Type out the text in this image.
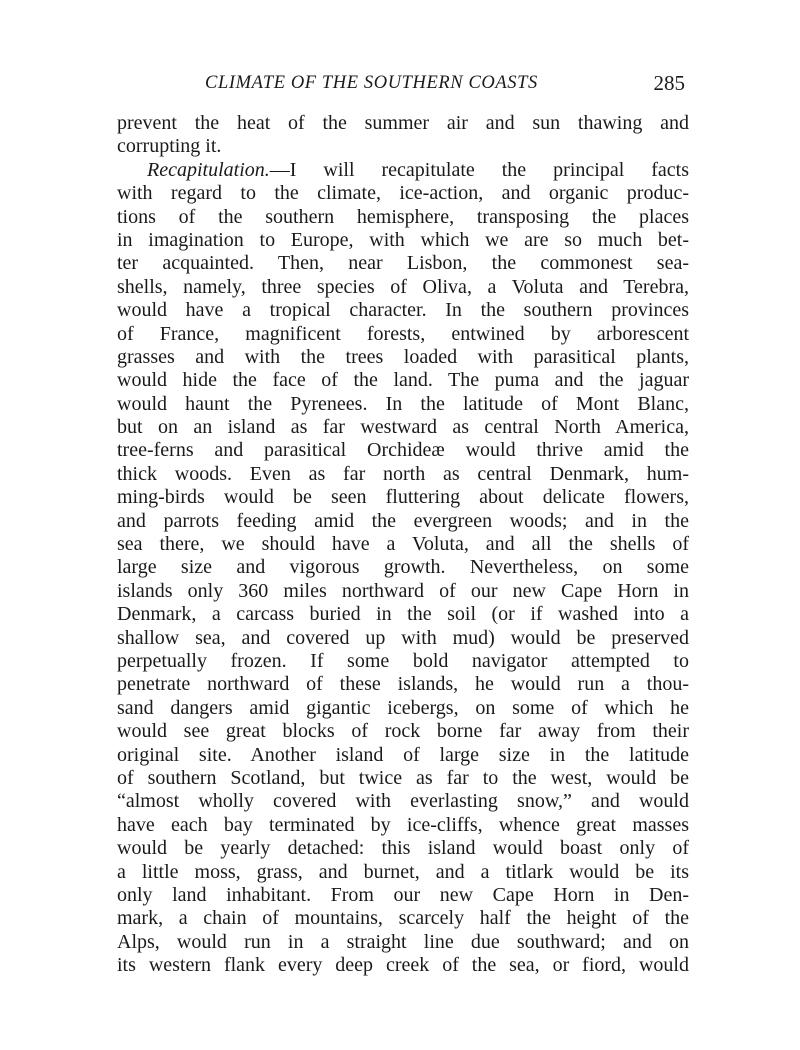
CLIMATE OF THE SOUTHERN COASTS	285
prevent the heat of the summer air and sun thawing and
corrupting it.
Recapitulation.—I will recapitulate the principal facts
with regard to the climate, ice-action, and organic produc-
tions of the southern hemisphere, transposing the places
in imagination to Europe, with which we are so much bet-
ter acquainted. Then, near Lisbon, the commonest sea-
shells, namely, three species of Oliva, a Voluta and Terebra,
would have a tropical character. In the southern provinces
of France, magnificent forests, entwined by arborescent
grasses and with the trees loaded with parasitical plants,
would hide the face of the land. The puma and the jaguar
would haunt the Pyrenees. In the latitude of Mont Blanc,
but on an island as far westward as central North America,
tree-ferns and parasitical Orchideæ would thrive amid the
thick woods. Even as far north as central Denmark, hum-
ming-birds would be seen fluttering about delicate flowers,
and parrots feeding amid the evergreen woods; and in the
sea there, we should have a Voluta, and all the shells of
large size and vigorous growth. Nevertheless, on some
islands only 360 miles northward of our new Cape Horn in
Denmark, a carcass buried in the soil (or if washed into a
shallow sea, and covered up with mud) would be preserved
perpetually frozen. If some bold navigator attempted to
penetrate northward of these islands, he would run a thou-
sand dangers amid gigantic icebergs, on some of which he
would see great blocks of rock borne far away from their
original site. Another island of large size in the latitude
of southern Scotland, but twice as far to the west, would be
“almost wholly covered with everlasting snow,” and would
have each bay terminated by ice-cliffs, whence great masses
would be yearly detached: this island would boast only of
a little moss, grass, and burnet, and a titlark would be its
only land inhabitant. From our new Cape Horn in Den-
mark, a chain of mountains, scarcely half the height of the
Alps, would run in a straight line due southward; and on
its western flank every deep creek of the sea, or fiord, would
